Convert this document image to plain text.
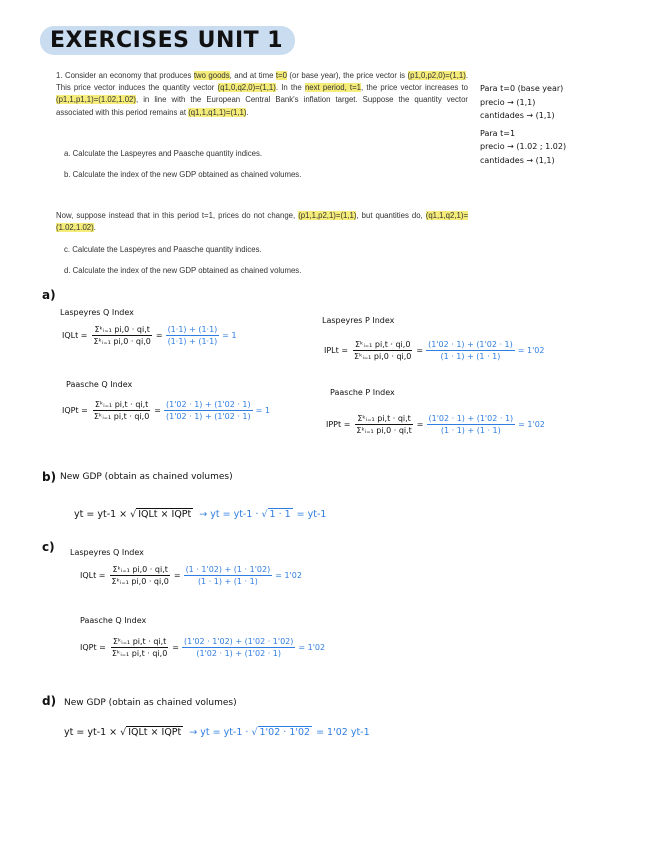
EXERCISES UNIT 1
1. Consider an economy that produces two goods, and at time t=0 (or base year), the price vector is (p1,0,p2,0)=(1,1). This price vector induces the quantity vector (q1,0,q2,0)=(1,1). In the next period, t=1, the price vector increases to (p1,1,p1,1)=(1.02,1.02), in line with the European Central Bank's inflation target. Suppose the quantity vector associated with this period remains at (q1,1,q1,1)=(1,1).
a. Calculate the Laspeyres and Paasche quantity indices.
b. Calculate the index of the new GDP obtained as chained volumes.
Now, suppose instead that in this period t=1, prices do not change, (p1,1,p2,1)=(1,1), but quantities do, (q1,1,q2,1)=(1.02,1.02).
c. Calculate the Laspeyres and Paasche quantity indices.
d. Calculate the index of the new GDP obtained as chained volumes.
Para t=0 (base year)
precio → (1,1)
cantidades → (1,1)
Para t=1
precio → (1.02 ; 1.02)
cantidades → (1,1)
a)
Laspeyres Q Index
IQLt = $\frac{\text{Σᵏᵢ₌₁ pi,0 · qi,t}}{\text{Σᵏᵢ₌₁ pi,0 · qi,0}} = \frac{(1\cdot 1) + (1\cdot 1)}{(1\cdot 1) + (1\cdot 1)} = 1$
Paasche Q Index
IQPt = $\frac{\text{Σᵏᵢ₌₁ pi,t · qi,t}}{\text{Σᵏᵢ₌₁ pi,t · qi,0}} = \frac{(1'02 \cdot 1) + (1'02 \cdot 1)}{(1'02 \cdot 1) + (1'02 \cdot 1)} = 1$
Laspeyres P Index
IPLt = $\frac{\text{Σᵏᵢ₌₁ pi,t · qi,0}}{\text{Σᵏᵢ₌₁ pi,0 · qi,0}} = \frac{(1'02 \cdot 1) + (1'02 \cdot 1)}{(1 \cdot 1) + (1 \cdot 1)} = 1'02$
Paasche P Index
IPPt = $\frac{\text{Σᵏᵢ₌₁ pi,t · qi,t}}{\text{Σᵏᵢ₌₁ pi,0 · qi,t}} = \frac{(1'02 \cdot 1) + (1'02 \cdot 1)}{(1 \cdot 1) + (1 \cdot 1)} = 1'02$
b) New GDP (obtain as chained volumes)
yt = yt-1 × √ IQLt × IQPt → yt = yt-1 · √ 1 · 1 = yt-1
c) Laspeyres Q Index
IQLt = $\frac{\text{Σᵏᵢ₌₁ pi,0 · qi,t}}{\text{Σᵏᵢ₌₁ pi,0 · qi,0}} = \frac{(1 \cdot 1'02) + (1 \cdot 1'02)}{(1 \cdot 1) + (1 \cdot 1)} = 1'02$
Paasche Q Index
IQPt = $\frac{\text{Σᵏᵢ₌₁ pi,t · qi,t}}{\text{Σᵏᵢ₌₁ pi,t · qi,0}} = \frac{(1'02 \cdot 1'02) + (1'02 \cdot 1'02)}{(1'02 \cdot 1) + (1'02 \cdot 1)} = 1'02$
d) New GDP (obtain as chained volumes)
yt = yt-1 × √ IQLt × IQPt → yt = yt-1 · √ 1'02 · 1'02 = 1'02 yt-1
